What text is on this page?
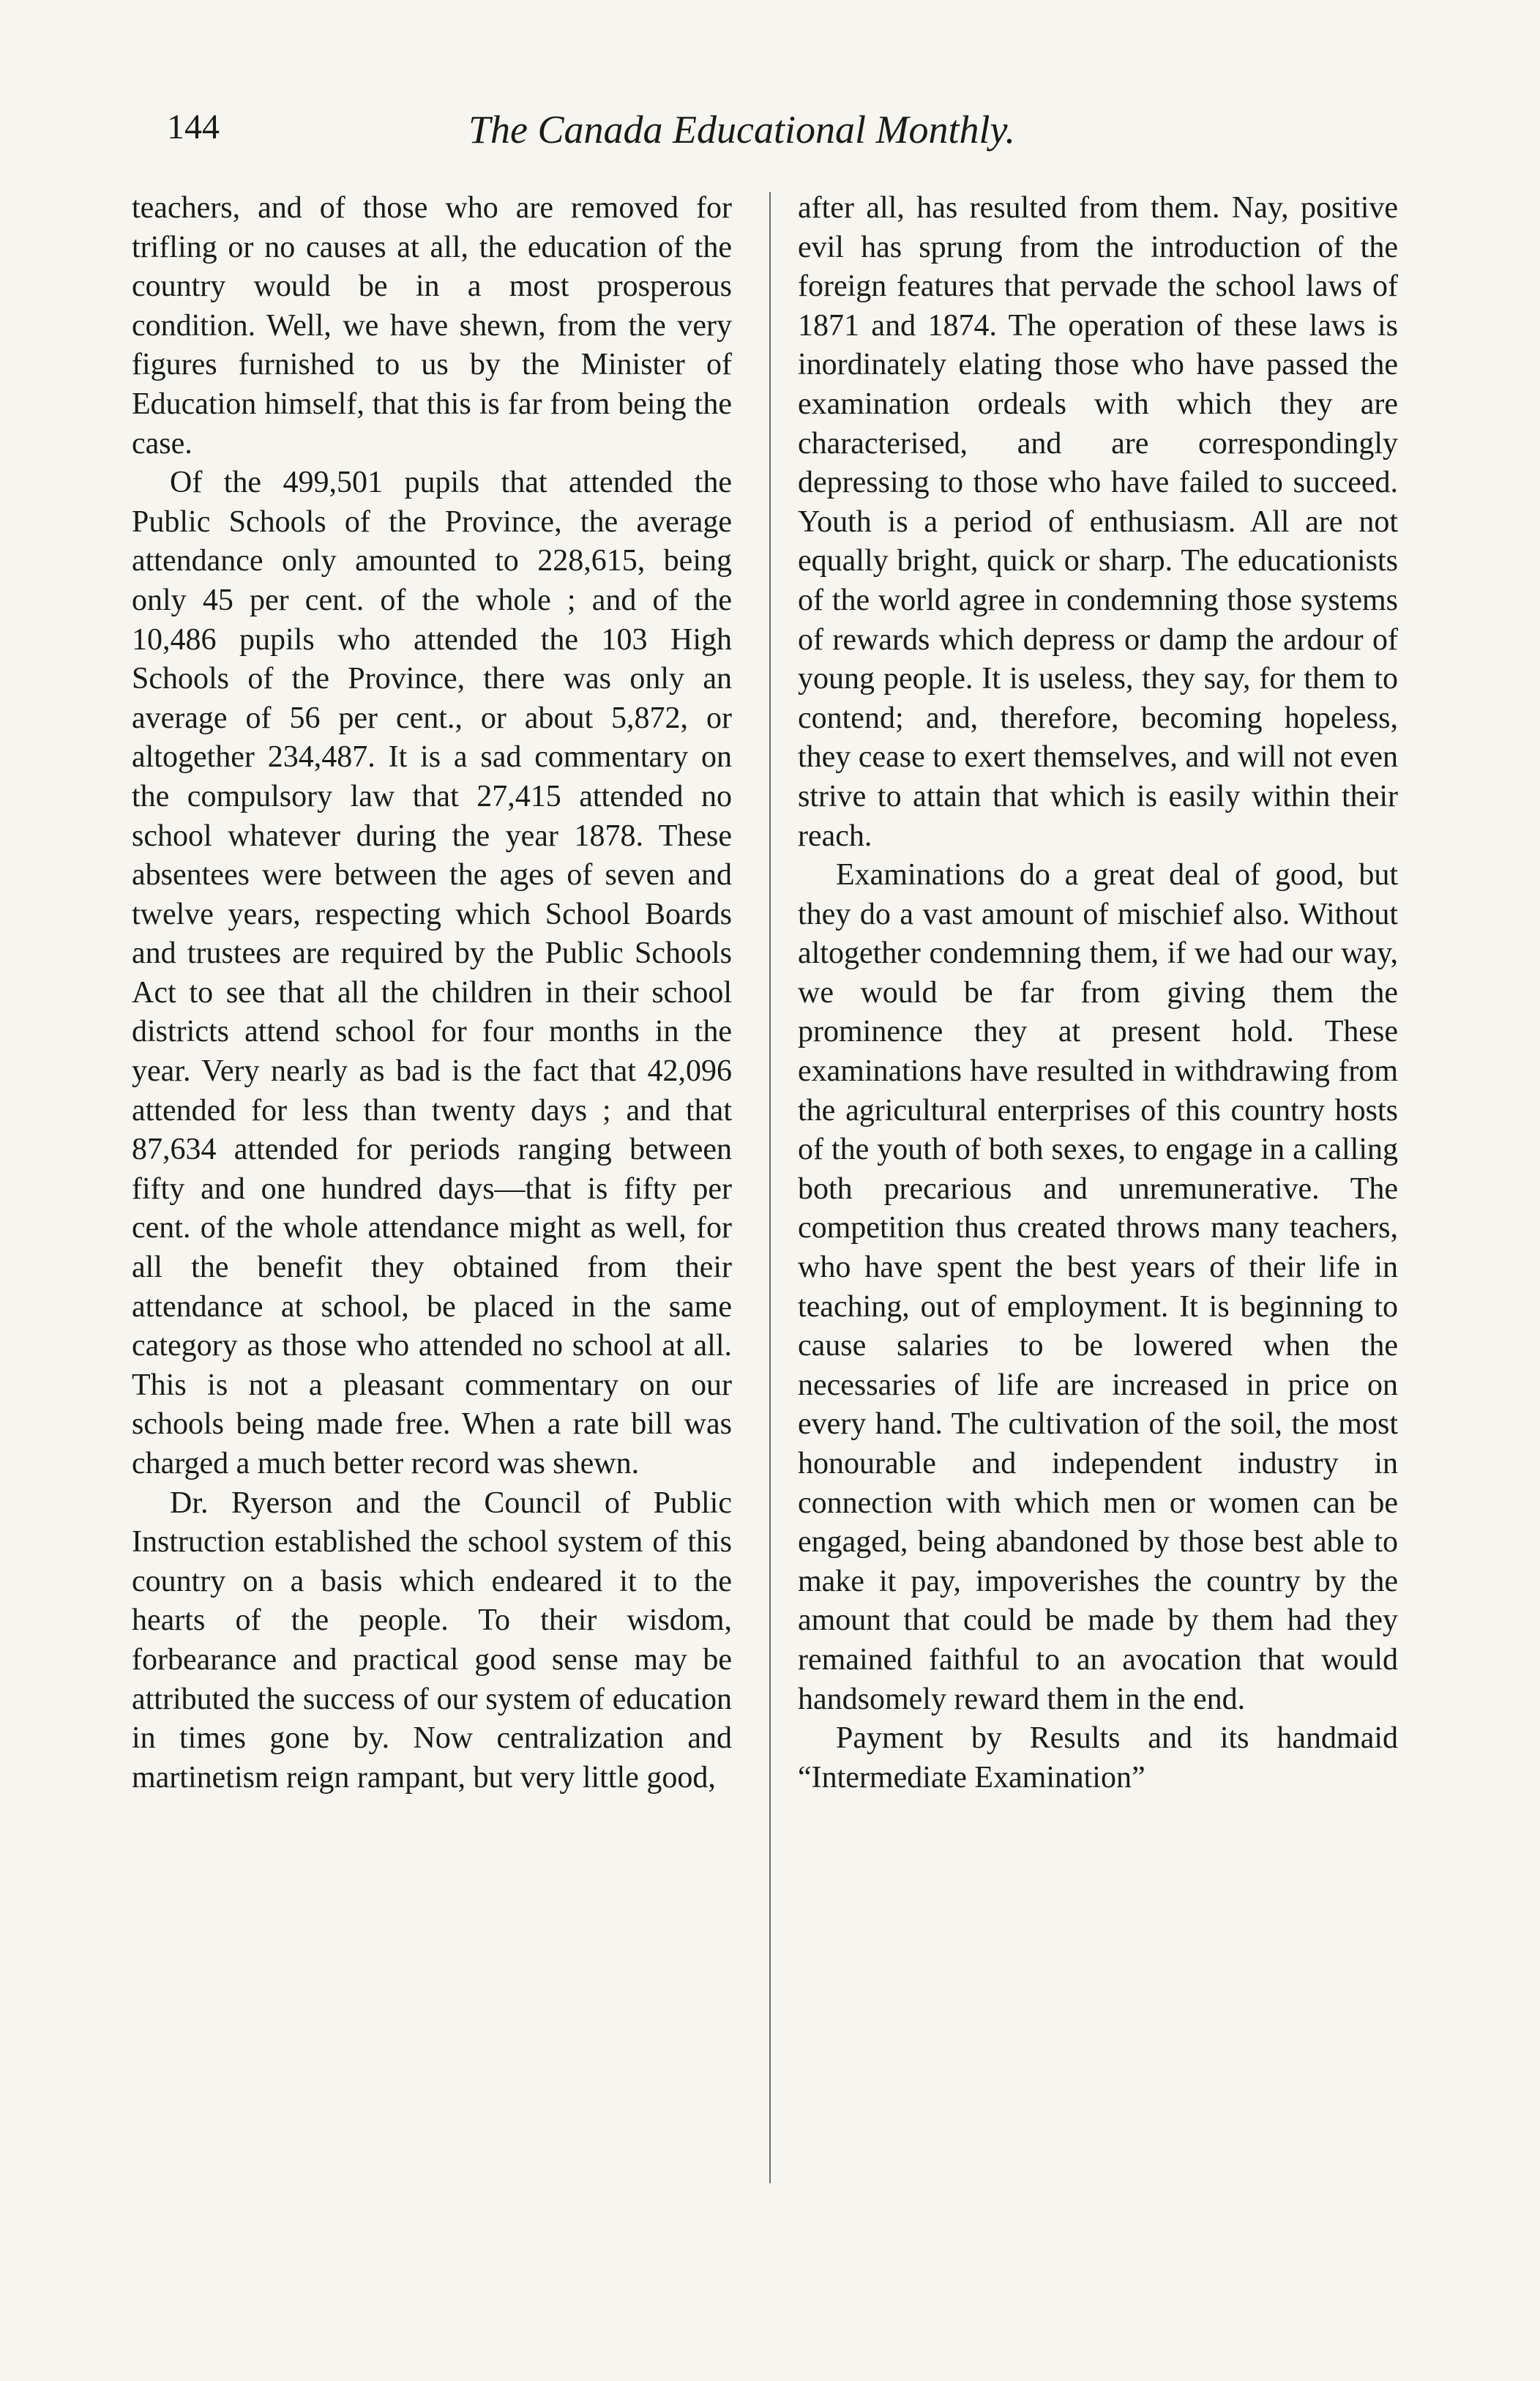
144	The Canada Educational Monthly.

teachers, and of those who are removed for trifling or no causes at all, the education of the country would be in a most prosperous condition. Well, we have shewn, from the very figures furnished to us by the Minister of Education himself, that this is far from being the case.

Of the 499,501 pupils that attended the Public Schools of the Province, the average attendance only amounted to 228,615, being only 45 per cent. of the whole ; and of the 10,486 pupils who attended the 103 High Schools of the Province, there was only an average of 56 per cent., or about 5,872, or altogether 234,487. It is a sad commentary on the compulsory law that 27,415 attended no school whatever during the year 1878. These absentees were between the ages of seven and twelve years, respecting which School Boards and trustees are required by the Public Schools Act to see that all the children in their school districts attend school for four months in the year. Very nearly as bad is the fact that 42,096 attended for less than twenty days ; and that 87,634 attended for periods ranging between fifty and one hundred days—that is fifty per cent. of the whole attendance might as well, for all the benefit they obtained from their attendance at school, be placed in the same category as those who attended no school at all. This is not a pleasant commentary on our schools being made free. When a rate bill was charged a much better record was shewn.

Dr. Ryerson and the Council of Public Instruction established the school system of this country on a basis which endeared it to the hearts of the people. To their wisdom, forbearance and practical good sense may be attributed the success of our system of education in times gone by. Now centralization and martinetism reign rampant, but very little good,

after all, has resulted from them. Nay, positive evil has sprung from the introduction of the foreign features that pervade the school laws of 1871 and 1874. The operation of these laws is inordinately elating those who have passed the examination ordeals with which they are characterised, and are correspondingly depressing to those who have failed to succeed. Youth is a period of enthusiasm. All are not equally bright, quick or sharp. The educationists of the world agree in condemning those systems of rewards which depress or damp the ardour of young people. It is useless, they say, for them to contend; and, therefore, becoming hopeless, they cease to exert themselves, and will not even strive to attain that which is easily within their reach.

Examinations do a great deal of good, but they do a vast amount of mischief also. Without altogether condemning them, if we had our way, we would be far from giving them the prominence they at present hold. These examinations have resulted in withdrawing from the agricultural enterprises of this country hosts of the youth of both sexes, to engage in a calling both precarious and unremunerative. The competition thus created throws many teachers, who have spent the best years of their life in teaching, out of employment. It is beginning to cause salaries to be lowered when the necessaries of life are increased in price on every hand. The cultivation of the soil, the most honourable and independent industry in connection with which men or women can be engaged, being abandoned by those best able to make it pay, impoverishes the country by the amount that could be made by them had they remained faithful to an avocation that would handsomely reward them in the end.

Payment by Results and its handmaid “Intermediate Examination”
